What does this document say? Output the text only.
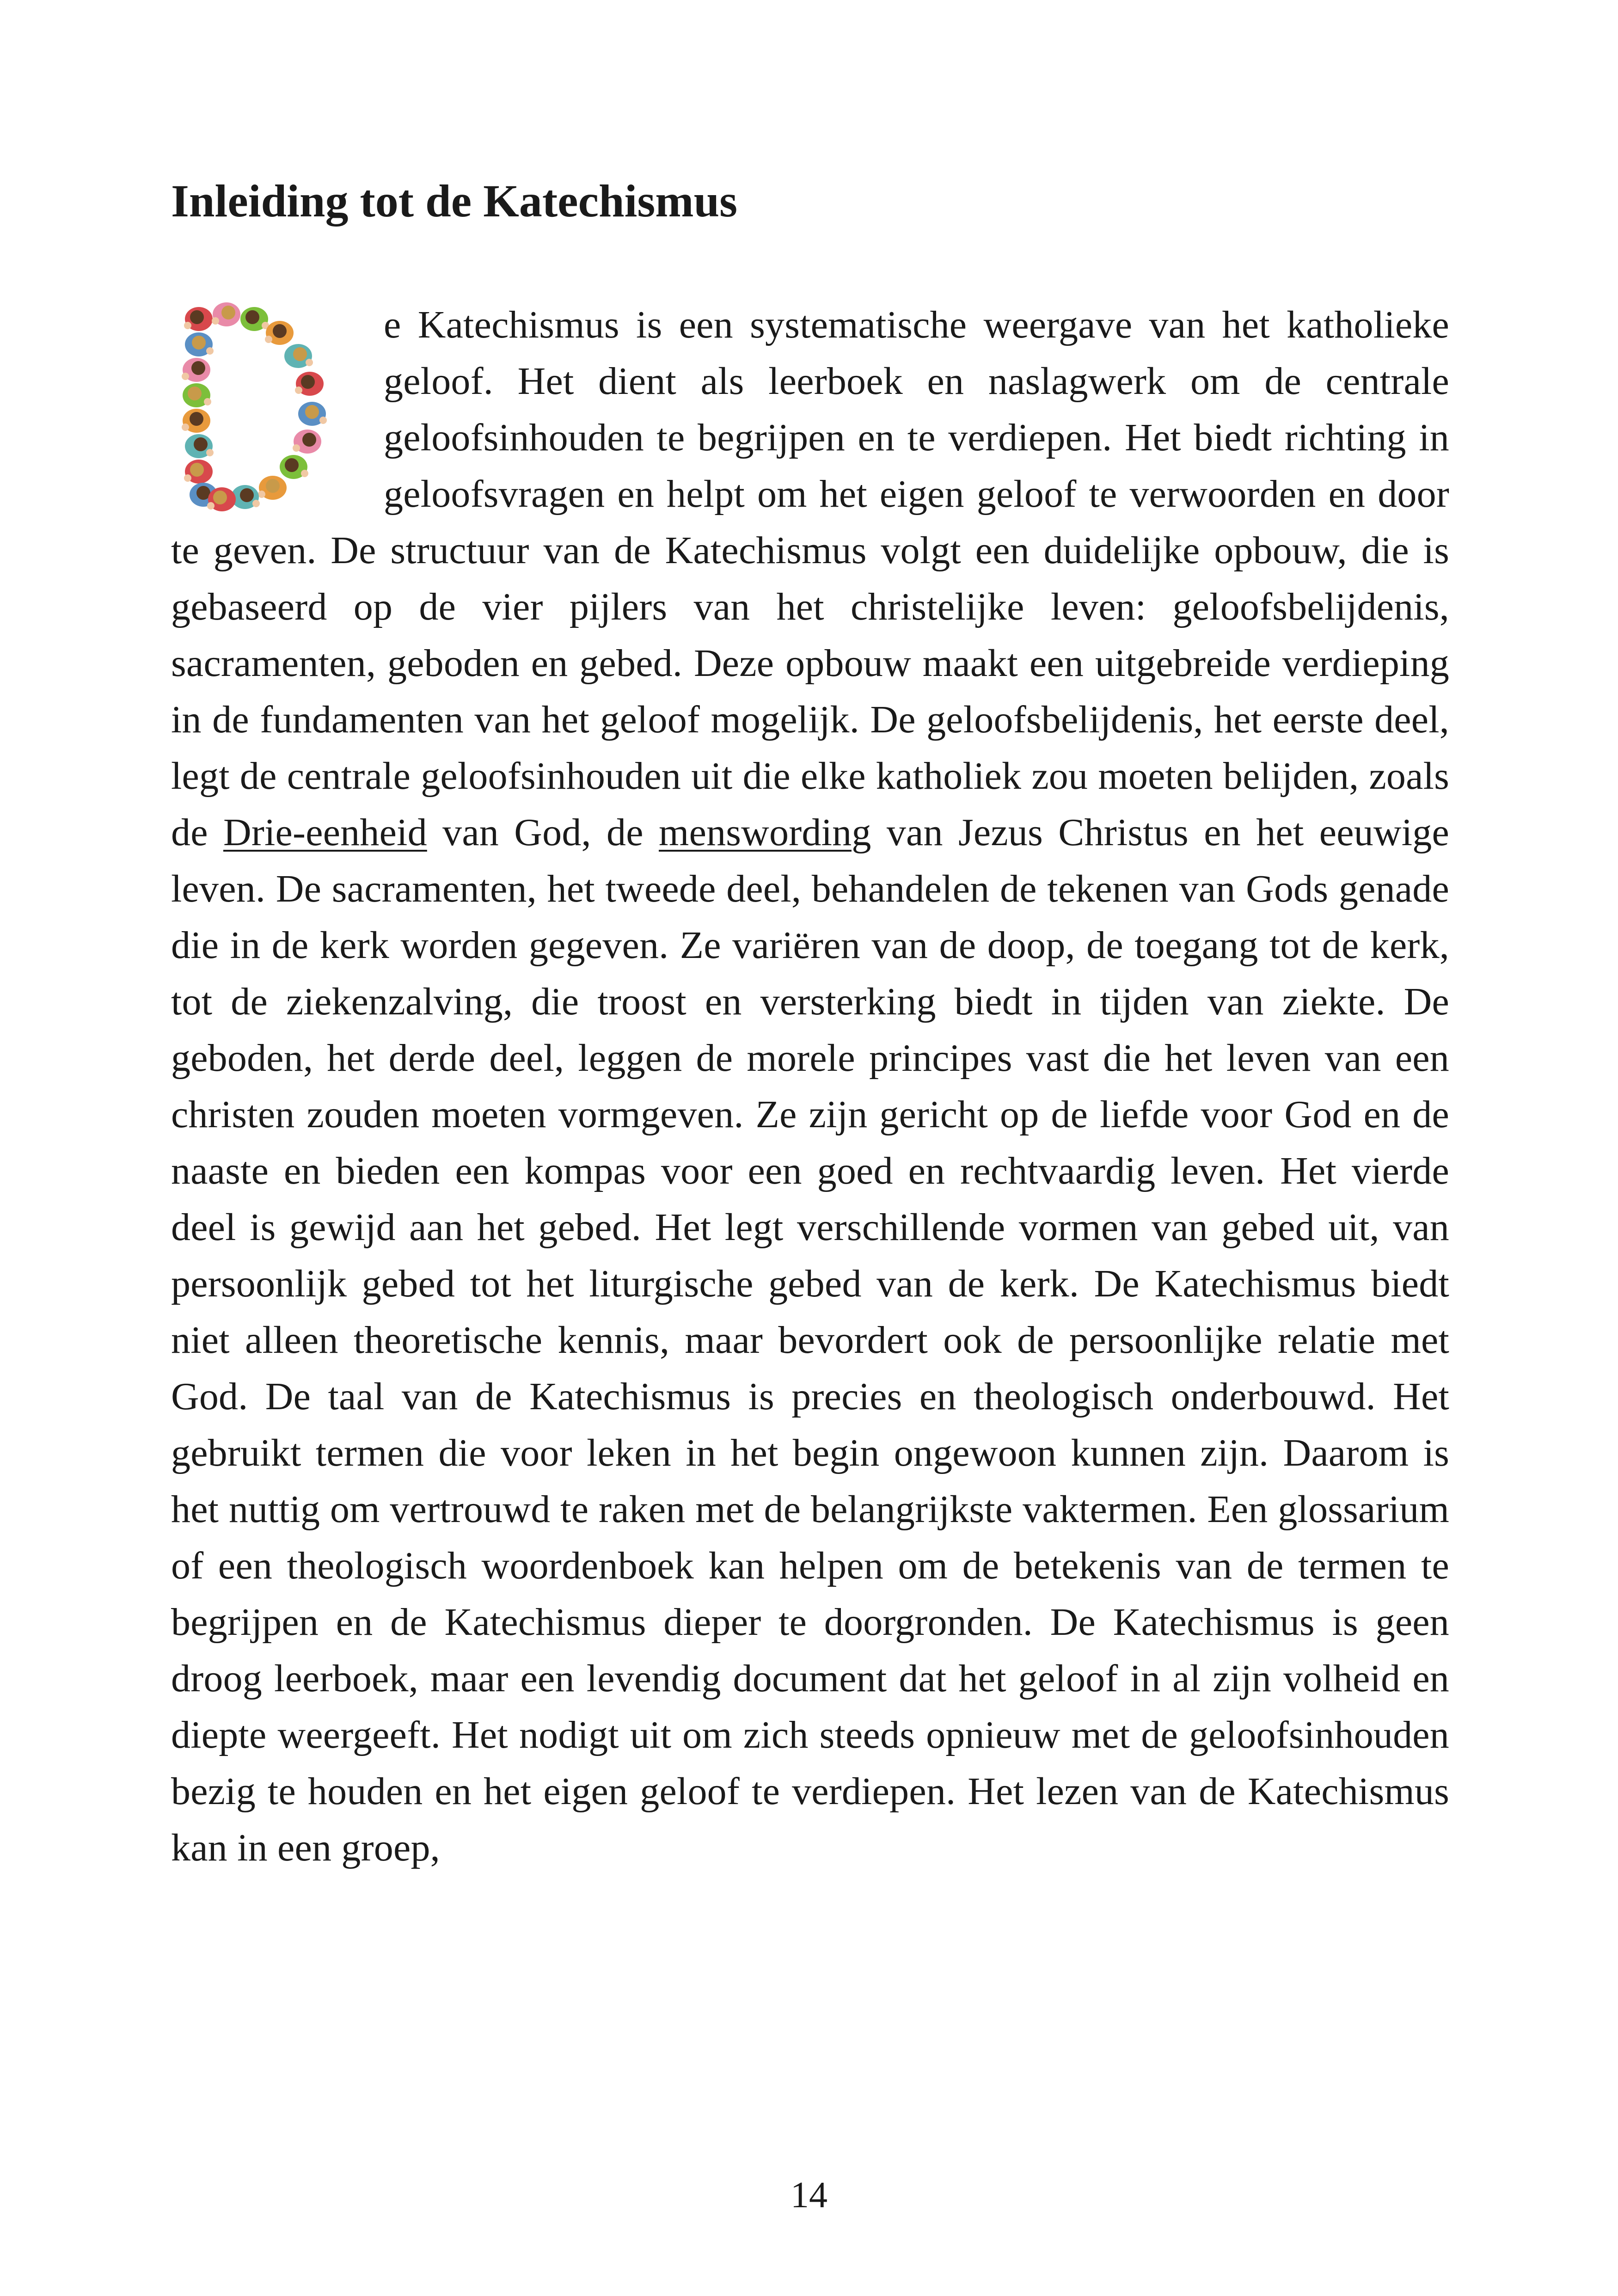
Inleiding tot de Katechismus

e Katechismus is een systematische weergave van het katholieke geloof. Het dient als leerboek en naslagwerk om de centrale geloofsinhouden te begrijpen en te verdiepen. Het biedt richting in geloofsvragen en helpt om het eigen geloof te verwoorden en door te geven. De structuur van de Katechismus volgt een duidelijke opbouw, die is gebaseerd op de vier pijlers van het christelijke leven: geloofsbelijdenis, sacramenten, geboden en gebed. Deze opbouw maakt een uitgebreide verdieping in de fundamenten van het geloof mogelijk. De geloofsbelijdenis, het eerste deel, legt de centrale geloofsinhouden uit die elke katholiek zou moeten belijden, zoals de Drie-eenheid van God, de menswording van Jezus Christus en het eeuwige leven. De sacramenten, het tweede deel, behandelen de tekenen van Gods genade die in de kerk worden gegeven. Ze variëren van de doop, de toegang tot de kerk, tot de ziekenzalving, die troost en versterking biedt in tijden van ziekte. De geboden, het derde deel, leggen de morele principes vast die het leven van een christen zouden moeten vormgeven. Ze zijn gericht op de liefde voor God en de naaste en bieden een kompas voor een goed en rechtvaardig leven. Het vierde deel is gewijd aan het gebed. Het legt verschillende vormen van gebed uit, van persoonlijk gebed tot het liturgische gebed van de kerk. De Katechismus biedt niet alleen theoretische kennis, maar bevordert ook de persoonlijke relatie met God. De taal van de Katechismus is precies en theologisch onderbouwd. Het gebruikt termen die voor leken in het begin ongewoon kunnen zijn. Daarom is het nuttig om vertrouwd te raken met de belangrijkste vaktermen. Een glossarium of een theologisch woordenboek kan helpen om de betekenis van de termen te begrijpen en de Katechismus dieper te doorgronden. De Katechismus is geen droog leerboek, maar een levendig document dat het geloof in al zijn volheid en diepte weergeeft. Het nodigt uit om zich steeds opnieuw met de geloofsinhouden bezig te houden en het eigen geloof te verdiepen. Het lezen van de Katechismus kan in een groep,

14
